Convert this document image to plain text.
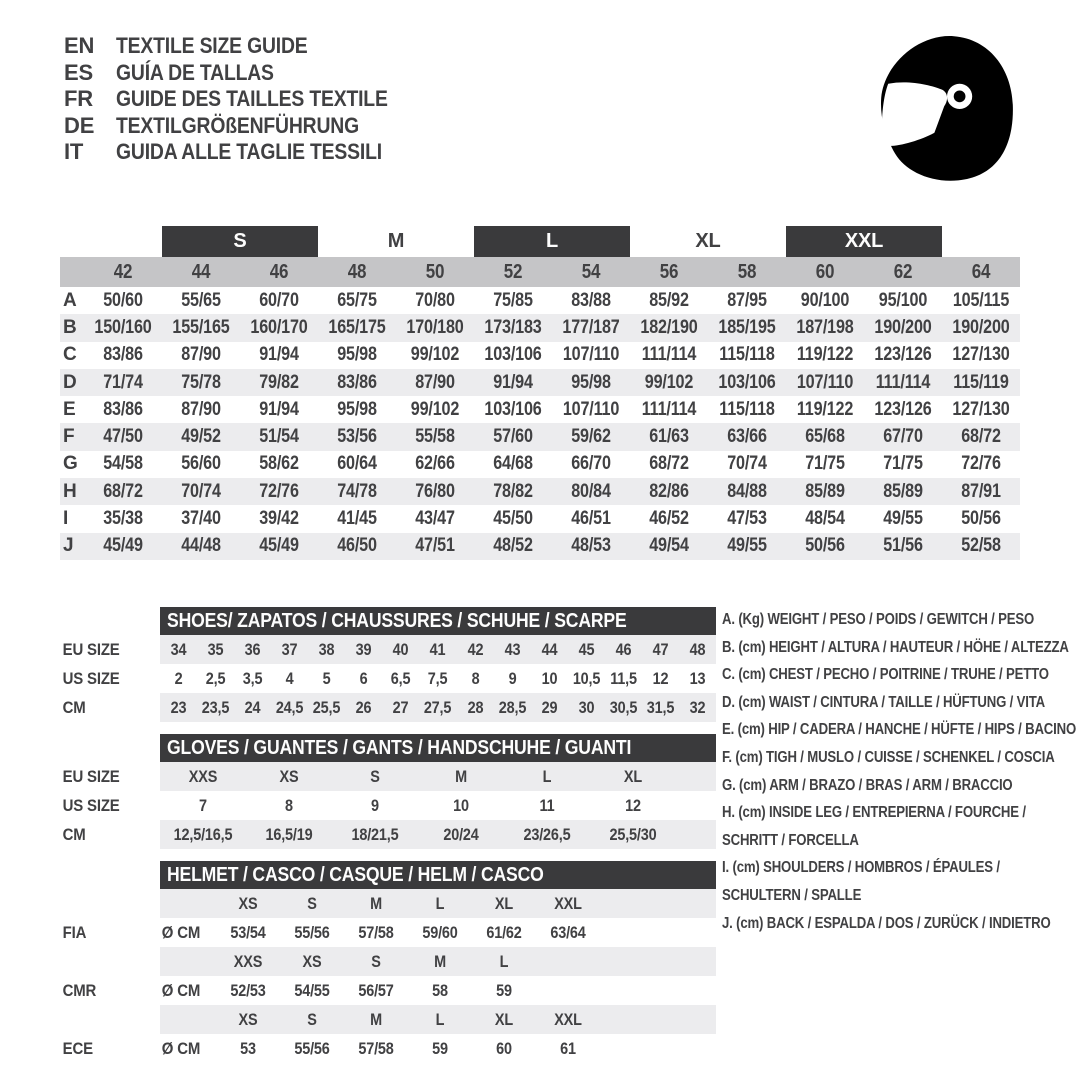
EN TEXTILE SIZE GUIDE
ES	GUÍA DE TALLAS
FR	GUIDE DES TAILLES TEXTILE
DE TEXTILGRÖßENFÜHRUNG
IT	GUIDA ALLE TAGLIE TESSILI
S	M	L	XL	XXL
42	44	46	48	50	52	54	56	58	60	62	64
A	50/60	55/65	60/70	65/75	70/80	75/85	83/88	85/92	87/95	90/100	95/100	105/115
B 150/160 155/165 160/170 165/175 170/180 173/183 177/187 182/190 185/195 187/198 190/200 190/200
C	83/86	87/90	91/94	95/98	99/102	103/106 107/110	111/114	115/118 119/122 123/126 127/130
D	71/74	75/78	79/82	83/86	87/90	91/94	95/98	99/102	103/106 107/110	111/114	115/119
E	83/86	87/90	91/94	95/98	99/102	103/106 107/110	111/114	115/118 119/122 123/126 127/130
F	47/50	49/52	51/54	53/56	55/58	57/60	59/62	61/63	63/66	65/68	67/70	68/72
G	54/58	56/60	58/62	60/64	62/66	64/68	66/70	68/72	70/74	71/75	71/75	72/76
H	68/72	70/74	72/76	74/78	76/80	78/82	80/84	82/86	84/88	85/89	85/89	87/91
I	35/38	37/40	39/42	41/45	43/47	45/50	46/51	46/52	47/53	48/54	49/55	50/56
J	45/49	44/48	45/49	46/50	47/51	48/52	48/53	49/54	49/55	50/56	51/56	52/58
SHOES/ ZAPATOS / CHAUSSURES / SCHUHE / SCARPE
EU SIZE	34	35	36	37	38	39	40	41	42	43	44	45	46	47	48
US SIZE	2	2,5	3,5	4	5	6	6,5	7,5	8	9	10 10,5 11,5 12	13
CM	23 23,5 24 24,5 25,5 26	27 27,5 28 28,5 29	30 30,5 31,5 32
GLOVES / GUANTES / GANTS / HANDSCHUHE / GUANTI
EU SIZE	XXS	XS	S	M	L	XL
US SIZE	7	8	9	10	11	12
CM	12,5/16,5	16,5/19	18/21,5	20/24	23/26,5	25,5/30
HELMET / CASCO / CASQUE / HELM / CASCO
XS	S	M	L	XL	XXL
FIA	Ø CM	53/54	55/56	57/58	59/60	61/62	63/64
XXS	XS	S	M	L
CMR	Ø CM	52/53	54/55	56/57	58	59
XS	S	M	L	XL	XXL
ECE	Ø CM	53	55/56	57/58	59	60	61
A. (Kg) WEIGHT / PESO / POIDS / GEWITCH / PESO
B. (cm) HEIGHT / ALTURA / HAUTEUR / HÖHE / ALTEZZA
C. (cm) CHEST / PECHO / POITRINE / TRUHE / PETTO
D. (cm) WAIST / CINTURA / TAILLE / HÜFTUNG / VITA
E. (cm) HIP / CADERA / HANCHE / HÜFTE / HIPS / BACINO
F. (cm) TIGH / MUSLO / CUISSE / SCHENKEL / COSCIA
G. (cm) ARM / BRAZO / BRAS / ARM / BRACCIO
H. (cm) INSIDE LEG / ENTREPIERNA / FOURCHE /
SCHRITT / FORCELLA
I. (cm) SHOULDERS / HOMBROS / ÉPAULES /
SCHULTERN / SPALLE
J. (cm) BACK / ESPALDA / DOS / ZURÜCK / INDIETRO
